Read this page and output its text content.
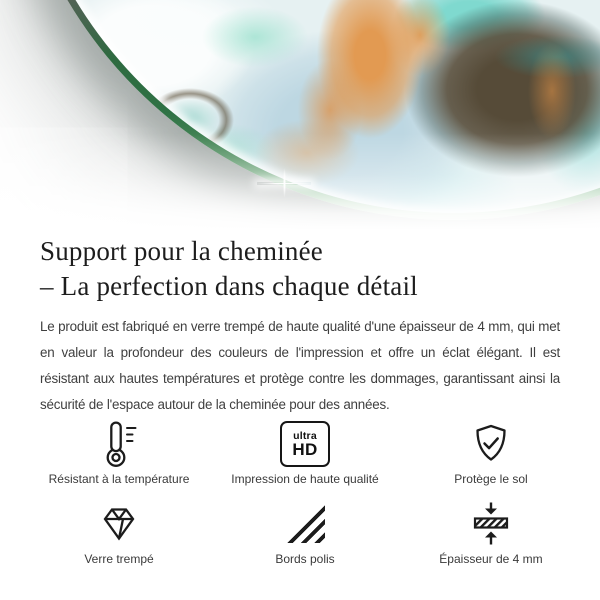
Support pour la cheminée
– La perfection dans chaque détail

Le produit est fabriqué en verre trempé de haute qualité d'une épaisseur de 4 mm, qui met en valeur la profondeur des couleurs de l'impression et offre un éclat élégant. Il est résistant aux hautes températures et protège contre les dommages, garantissant ainsi la sécurité de l'espace autour de la cheminée pour des années.

Résistant à la température
ultra
HD
Impression de haute qualité	Protège le sol
Verre trempé	Bords polis	Épaisseur de 4 mm
